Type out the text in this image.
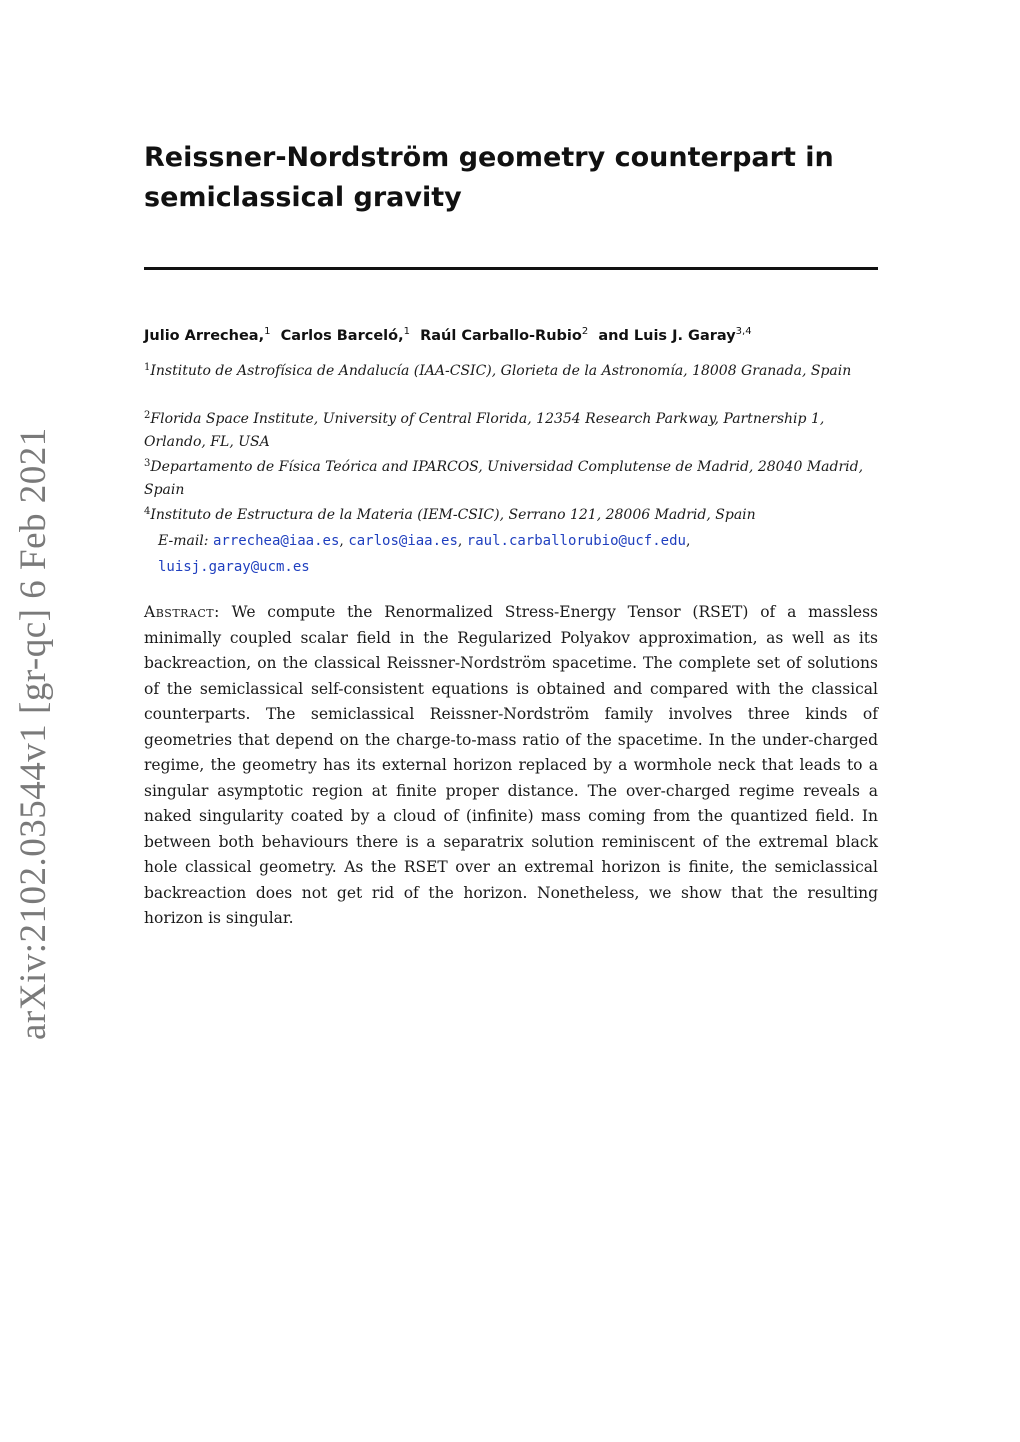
arXiv:2102.03544v1 [gr-qc] 6 Feb 2021
Reissner-Nordström geometry counterpart in
semiclassical gravity
Julio Arrechea,$^1$ Carlos Barceló,$^1$ Raúl Carballo-Rubio$^2$ and Luis J. Garay$^{3,4}$
$^1$Instituto de Astrofísica de Andalucía (IAA-CSIC), Glorieta de la Astronomía, 18008 Granada, Spain
$^2$Florida Space Institute, University of Central Florida, 12354 Research Parkway, Partnership 1, Orlando, FL, USA
$^3$Departamento de Física Teórica and IPARCOS, Universidad Complutense de Madrid, 28040 Madrid, Spain
$^4$Instituto de Estructura de la Materia (IEM-CSIC), Serrano 121, 28006 Madrid, Spain
E-mail: arrechea@iaa.es, carlos@iaa.es, raul.carballorubio@ucf.edu,
luisj.garay@ucm.es
Abstract: We compute the Renormalized Stress-Energy Tensor (RSET) of a massless minimally coupled scalar field in the Regularized Polyakov approximation, as well as its backreaction, on the classical Reissner-Nordström spacetime. The complete set of solutions of the semiclassical self-consistent equations is obtained and compared with the classical counterparts. The semiclassical Reissner-Nordström family involves three kinds of geometries that depend on the charge-to-mass ratio of the spacetime. In the under-charged regime, the geometry has its external horizon replaced by a wormhole neck that leads to a singular asymptotic region at finite proper distance. The over-charged regime reveals a naked singularity coated by a cloud of (infinite) mass coming from the quantized field. In between both behaviours there is a separatrix solution reminiscent of the extremal black hole classical geometry. As the RSET over an extremal horizon is finite, the semiclassical backreaction does not get rid of the horizon. Nonetheless, we show that the resulting horizon is singular.
